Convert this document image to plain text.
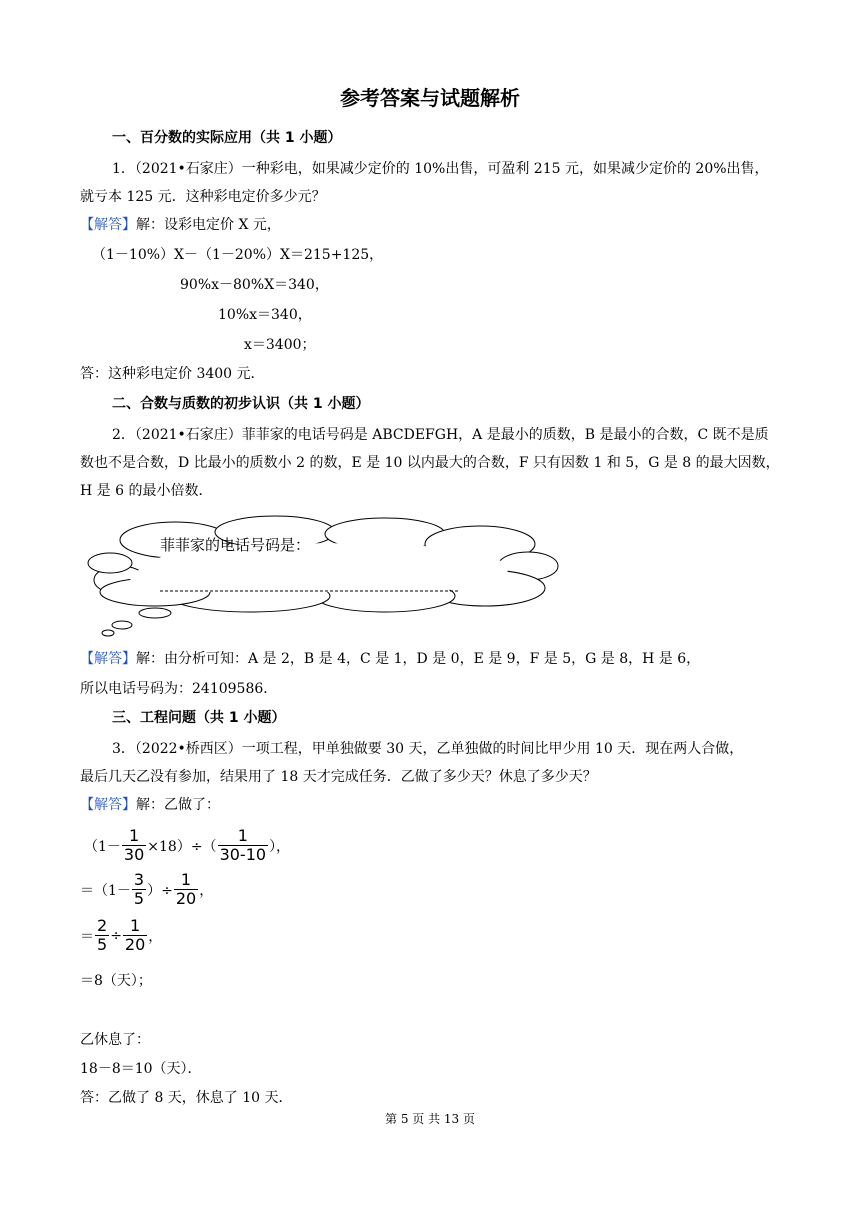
参考答案与试题解析
一、百分数的实际应用（共 1 小题）
1．（2021•石家庄）一种彩电，如果减少定价的 10%出售，可盈利 215 元，如果减少定价的 20%出售，
就亏本 125 元．这种彩电定价多少元？
【解答】解：设彩电定价 X 元，
（1－10%）X－（1－20%）X＝215+125，
90%x－80%X＝340，
10%x＝340，
x＝3400；
答：这种彩电定价 3400 元．
二、合数与质数的初步认识（共 1 小题）
2．（2021•石家庄）菲菲家的电话号码是 ABCDEFGH，A 是最小的质数，B 是最小的合数，C 既不是质
数也不是合数，D 比最小的质数小 2 的数，E 是 10 以内最大的合数，F 只有因数 1 和 5，G 是 8 的最大因数，
H 是 6 的最小倍数．
菲菲家的电话号码是：
【解答】解：由分析可知：A 是 2，B 是 4，C 是 1，D 是 0，E 是 9，F 是 5，G 是 8，H 是 6，
所以电话号码为：24109586．
三、工程问题（共 1 小题）
3．（2022•桥西区）一项工程，甲单独做要 30 天，乙单独做的时间比甲少用 10 天．现在两人合做，
最后几天乙没有参加，结果用了 18 天才完成任务．乙做了多少天？休息了多少天？
【解答】解：乙做了：
$(1- \frac{1}{30} \times 18)\div( \frac{1}{30-10}$ ），
$=(1- \frac{3}{5}$ ）÷ $\frac{1}{20}$ ，
＝ $\frac{2}{5} \div \frac{1}{20}$ ，
＝8（天）；
乙休息了：
18－8＝10（天）．
答：乙做了 8 天，休息了 10 天．
第 5 页 共 13 页
